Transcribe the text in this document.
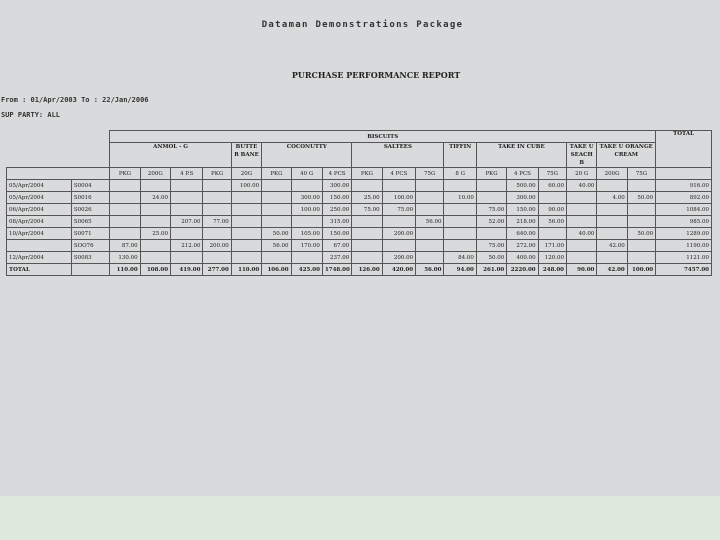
Dataman Demonstrations Package
PURCHASE PERFORMANCE REPORT
From : 01/Apr/2003 To : 22/Jan/2006
SUP PARTY: ALL
		BISCUITS																		TOTAL
		ANMOL - G				BUTTE R BANE	COCONUTTY			SALTEES			TIFFIN	TAKE IN CUBE			TAKE U SEACH B	TAKE U ORANGE CREAM		
		PKG	200G	4 P.S	PKG	20G	PKG	40 G	4 PCS	PKG	4 PCS	75G	8 G	PKG	4 PCS	75G	20 G	200G	75G	
05/Apr/2004	S0004					100.00			300.00						500.00	60.00	40.00			916.00
05/Apr/2004	S0016		24.00					300.00	150.00	25.00	100.00		10.00		300.00			4.00	50.00	892.00
06/Apr/2004	S0026							100.00	250.00	75.00	75.00			75.00	150.00	90.00				1084.00
08/Apr/2004	S0065			207.00	77.00				315.00			56.00		52.00	218.00	56.00				985.00
10/Apr/2004	S0071		25.00				50.00	105.00	150.00		200.00				640.00		40.00		50.00	1289.00
	SOO76	87.00		212.00	200.00		56.00	170.00	67.00					75.00	272.00	171.00		42.00		1190.00
12/Apr/2004	S0083	130.00							237.00		200.00		84.00	50.00	400.00	120.00				1121.00
TOTAL		110.00	108.00	419.00	277.00	110.00	106.00	425.00	1748.00	126.00	420.00	56.00	94.00	261.00	2220.00	248.00	90.00	42.00	100.00	7457.00
